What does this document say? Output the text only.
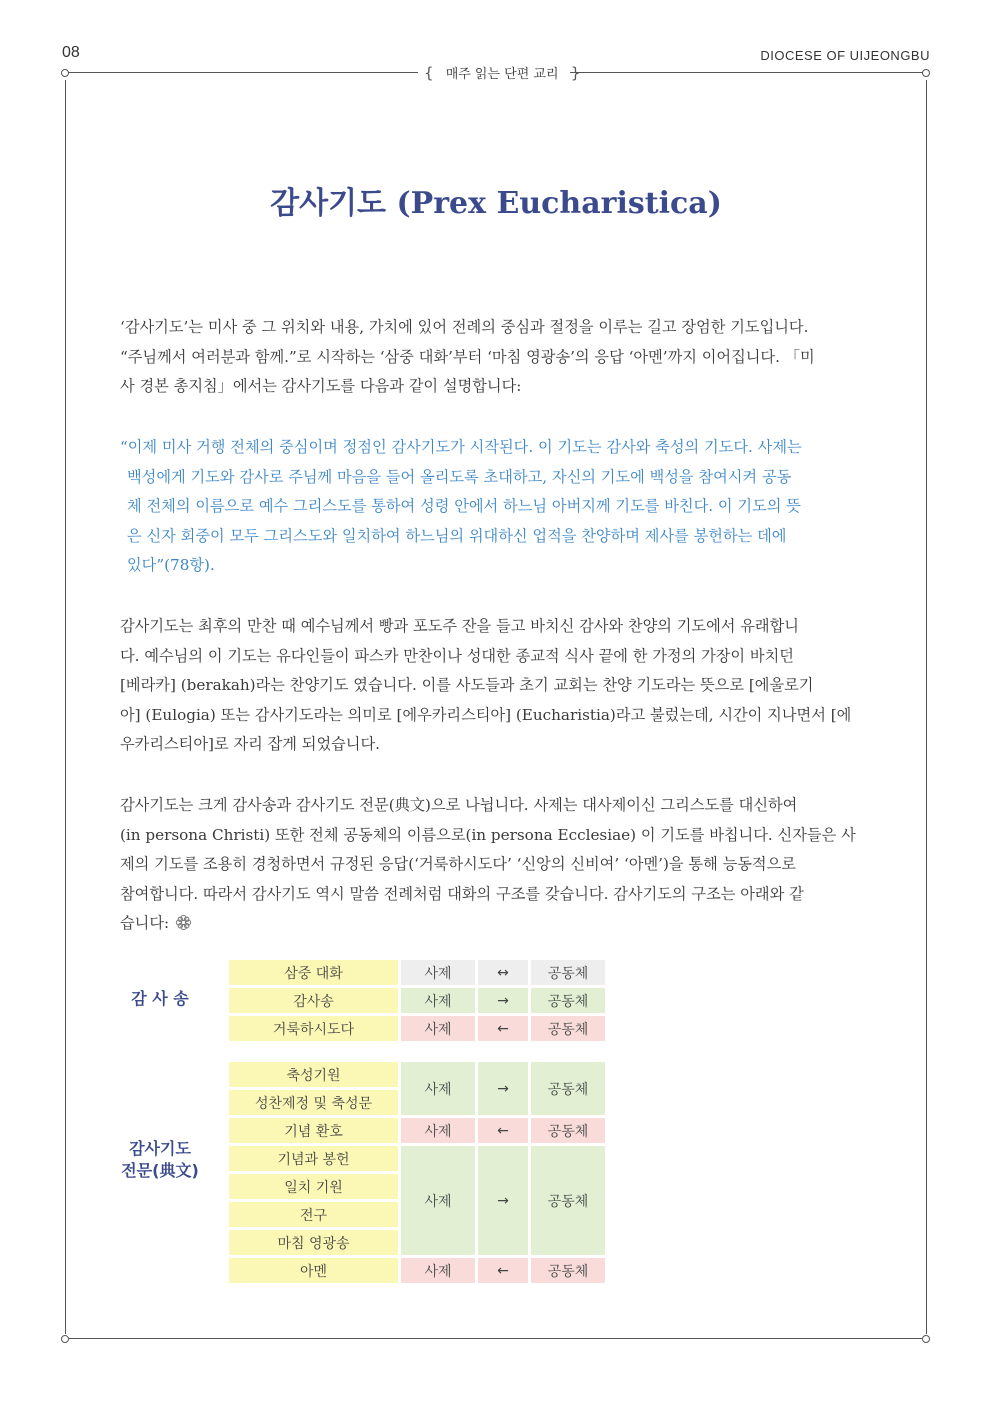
08	DIOCESE OF UIJEONGBU
{ 매주 읽는 단편 교리 }
감사기도 (Prex Eucharistica)
‘감사기도’는 미사 중 그 위치와 내용, 가치에 있어 전례의 중심과 절정을 이루는 길고 장엄한 기도입니다.
“주님께서 여러분과 함께.”로 시작하는 ‘삼중 대화’부터 ‘마침 영광송’의 응답 ‘아멘’까지 이어집니다. 「미
사 경본 총지침」에서는 감사기도를 다음과 같이 설명합니다:
“이제 미사 거행 전체의 중심이며 정점인 감사기도가 시작된다. 이 기도는 감사와 축성의 기도다. 사제는
백성에게 기도와 감사로 주님께 마음을 들어 올리도록 초대하고, 자신의 기도에 백성을 참여시켜 공동
체 전체의 이름으로 예수 그리스도를 통하여 성령 안에서 하느님 아버지께 기도를 바친다. 이 기도의 뜻
은 신자 회중이 모두 그리스도와 일치하여 하느님의 위대하신 업적을 찬양하며 제사를 봉헌하는 데에
있다”(78항).
감사기도는 최후의 만찬 때 예수님께서 빵과 포도주 잔을 들고 바치신 감사와 찬양의 기도에서 유래합니
다. 예수님의 이 기도는 유다인들이 파스카 만찬이나 성대한 종교적 식사 끝에 한 가정의 가장이 바치던
[베라카] (berakah)라는 찬양기도 였습니다. 이를 사도들과 초기 교회는 찬양 기도라는 뜻으로 [에울로기
아] (Eulogia) 또는 감사기도라는 의미로 [에우카리스티아] (Eucharistia)라고 불렀는데, 시간이 지나면서 [에
우카리스티아]로 자리 잡게 되었습니다.
감사기도는 크게 감사송과 감사기도 전문(典文)으로 나뉩니다. 사제는 대사제이신 그리스도를 대신하여
(in persona Christi) 또한 전체 공동체의 이름으로(in persona Ecclesiae) 이 기도를 바칩니다. 신자들은 사
제의 기도를 조용히 경청하면서 규정된 응답(‘거룩하시도다’ ‘신앙의 신비여’ ‘아멘’)을 통해 능동적으로
참여합니다. 따라서 감사기도 역시 말씀 전례처럼 대화의 구조를 갖습니다. 감사기도의 구조는 아래와 같
습니다:
감 사 송
감사기도
전문(典文)
삼중 대화	사제	↔	공동체
감사송	사제	→	공동체
거룩하시도다	사제	←	공동체
축성기원
성찬제정 및 축성문
사제	→	공동체
기념 환호	사제	←	공동체
기념과 봉헌
일치 기원
전구
마침 영광송
사제	→	공동체
아멘	사제	←	공동체
